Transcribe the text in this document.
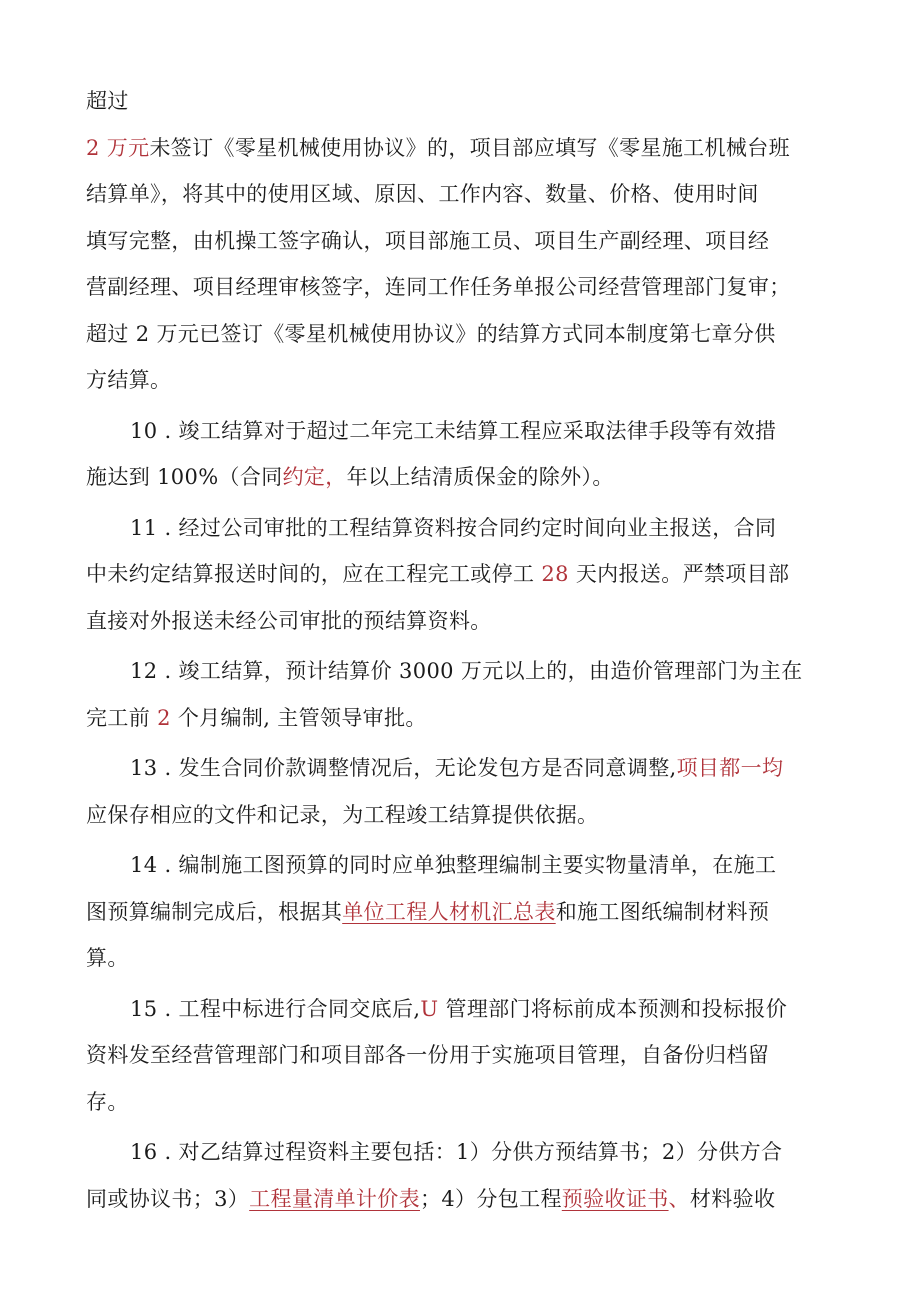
超过
2 万元未签订《零星机械使用协议》的，项目部应填写《零星施工机械台班
结算单》，将其中的使用区域、原因、工作内容、数量、价格、使用时间
填写完整，由机操工签字确认，项目部施工员、项目生产副经理、项目经
营副经理、项目经理审核签字，连同工作任务单报公司经营管理部门复审；
超过 2 万元已签订《零星机械使用协议》的结算方式同本制度第七章分供
方结算。
10 . 竣工结算对于超过二年完工未结算工程应采取法律手段等有效措
施达到 100%（合同约定，年以上结清质保金的除外）。
11 . 经过公司审批的工程结算资料按合同约定时间向业主报送，合同
中未约定结算报送时间的，应在工程完工或停工 28 天内报送。严禁项目部
直接对外报送未经公司审批的预结算资料。
12 . 竣工结算，预计结算价 3000 万元以上的，由造价管理部门为主在
完工前 2 个月编制, 主管领导审批。
13 . 发生合同价款调整情况后，无论发包方是否同意调整,项目都一均
应保存相应的文件和记录，为工程竣工结算提供依据。
14 . 编制施工图预算的同时应单独整理编制主要实物量清单，在施工
图预算编制完成后，根据其单位工程人材机汇总表和施工图纸编制材料预
算。
15 . 工程中标进行合同交底后,U 管理部门将标前成本预测和投标报价
资料发至经营管理部门和项目部各一份用于实施项目管理，自备份归档留
存。
16 . 对乙结算过程资料主要包括：1）分供方预结算书；2）分供方合
同或协议书；3）工程量清单计价表；4）分包工程预验收证书、材料验收
